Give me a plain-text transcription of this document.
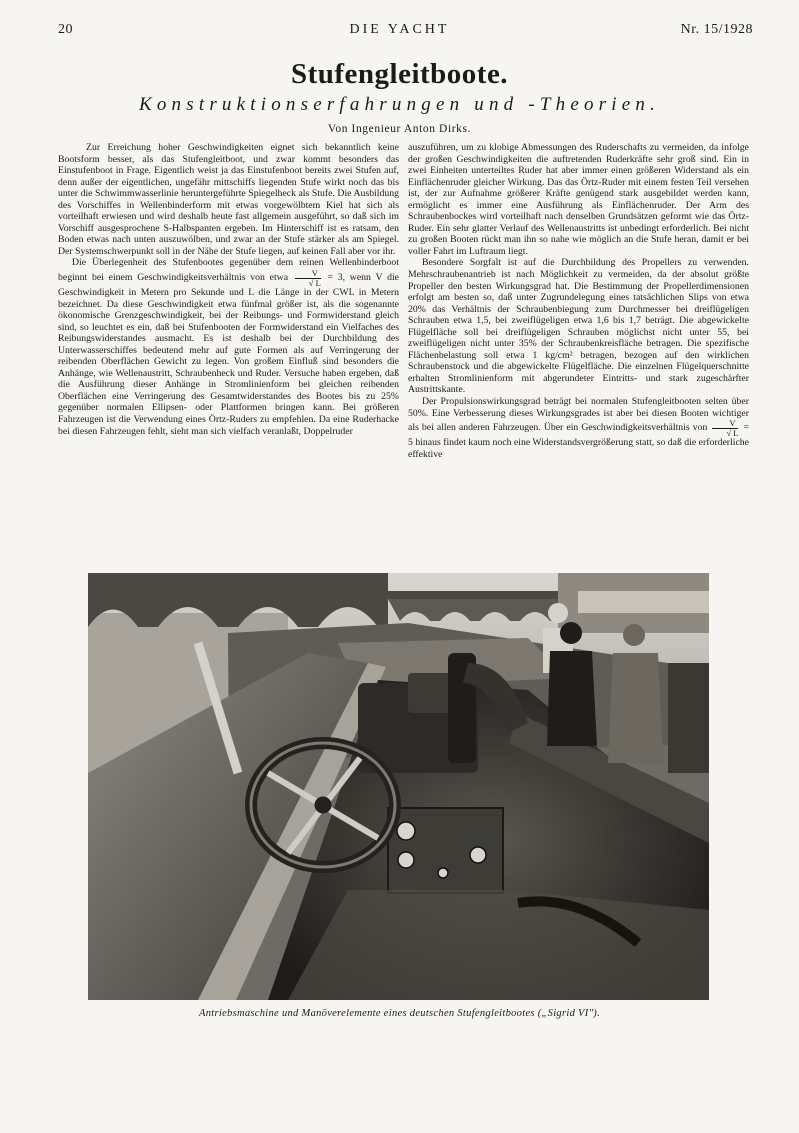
DIE YACHT
20	Nr. 15/1928
Stufengleitboote.
Konstruktionserfahrungen und -Theorien.
Von Ingenieur Anton Dirks.

Zur Erreichung hoher Geschwindigkeiten eignet sich bekanntlich keine Bootsform besser, als das Stufengleitboot, und zwar kommt besonders das Einstufenboot in Frage. Eigentlich weist ja das Einstufenboot bereits zwei Stufen auf, denn außer der eigentlichen, ungefähr mittschiffs liegenden Stufe wirkt noch das bis unter die Schwimmwasserlinie heruntergeführte Spiegelheck als Stufe. Die Ausbildung des Vorschiffes in Wellenbinderform mit etwas vorgewölbtem Kiel hat sich als vorteilhaft erwiesen und wird deshalb heute fast allgemein ausgeführt, so daß sich im Vorschiff ausgesprochene S-Halbspanten ergeben. Im Hinterschiff ist es ratsam, den Boden etwas nach unten auszuwölben, und zwar an der Stufe stärker als am Spiegel. Der Systemschwerpunkt soll in der Nähe der Stufe liegen, auf keinen Fall aber vor ihr.

Die Überlegenheit des Stufenbootes gegenüber dem reinen Wellenbinderboot beginnt bei einem Geschwindigkeitsverhältnis von etwa $\frac{V}{√ L} = 3$, wenn V die Geschwindigkeit in Metern pro Sekunde und L die Länge in der CWL in Metern bezeichnet. Da diese Geschwindigkeit etwa fünfmal größer ist, als die sogenannte ökonomische Grenzgeschwindigkeit, bei der Reibungs- und Formwiderstand gleich sind, so leuchtet es ein, daß bei Stufenbooten der Formwiderstand ein Vielfaches des Reibungswiderstandes ausmacht. Es ist deshalb bei der Durchbildung des Unterwasserschiffes bedeutend mehr auf gute Formen als auf Verringerung der reibenden Oberflächen Gewicht zu legen. Von großem Einfluß sind besonders die Anhänge, wie Wellenaustritt, Schraubenheck und Ruder. Versuche haben ergeben, daß die Ausführung dieser Anhänge in Stromlinienform bei gleichen reibenden Oberflächen eine Verringerung des Gesamtwiderstandes des Bootes bis zu 25% gegenüber normalen Ellipsen- oder Plattformen bringen kann. Bei größeren Fahrzeugen ist die Verwendung eines Örtz-Ruders zu empfehlen. Da eine Ruderhacke bei diesen Fahrzeugen fehlt, sieht man sich vielfach veranlaßt, Doppelruder

auszuführen, um zu klobige Abmessungen des Ruderschafts zu vermeiden, da infolge der großen Geschwindigkeiten die auftretenden Ruderkräfte sehr groß sind. Ein in zwei Einheiten unterteiltes Ruder hat aber immer einen größeren Widerstand als ein Einflächenruder gleicher Wirkung. Das das Örtz-Ruder mit einem festen Teil versehen ist, der zur Aufnahme größerer Kräfte genügend stark ausgebildet werden kann, ermöglicht es immer eine Ausführung als Einflächenruder. Der Arm des Schraubenbockes wird vorteilhaft nach denselben Grundsätzen geformt wie das Örtz-Ruder. Ein sehr glatter Verlauf des Wellenaustritts ist unbedingt erforderlich. Bei nicht zu großen Booten rückt man ihn so nahe wie möglich an die Stufe heran, damit er bei voller Fahrt im Luftraum liegt.

Besondere Sorgfalt ist auf die Durchbildung des Propellers zu verwenden. Mehrschraubenantrieb ist nach Möglichkeit zu vermeiden, da der absolut größte Propeller den besten Wirkungsgrad hat. Die Bestimmung der Propellerdimensionen erfolgt am besten so, daß unter Zugrundelegung eines tatsächlichen Slips von etwa 20% das Verhältnis der Schraubenbiegung zum Durchmesser bei dreiflügeligen Schrauben etwa 1,5, bei zweiflügeligen etwa 1,6 bis 1,7 beträgt. Die abgewickelte Flügelfläche soll bei dreiflügeligen Schrauben möglichst nicht unter 55, bei zweiflügeligen nicht unter 35% der Schraubenkreisfläche betragen. Die spezifische Flächenbelastung soll etwa 1 kg/cm² betragen, bezogen auf den wirklichen Schraubenstock und die abgewickelte Flügelfläche. Die einzelnen Flügelquerschnitte erhalten Stromlinienform mit abgerundeter Eintritts- und stark zugeschärfter Austrittskante.

Der Propulsionswirkungsgrad beträgt bei normalen Stufengleitbooten selten über 50%. Eine Verbesserung dieses Wirkungsgrades ist aber bei diesen Booten wichtiger als bei allen anderen Fahrzeugen. Über ein Geschwindigkeitsverhältnis von $\frac{V}{√ L} = 5$ hinaus findet kaum noch eine Widerstandsvergrößerung statt, so daß die erforderliche effektive

Antriebsmaschine und Manöverelemente eines deutschen Stufengleitbootes („Sigrid VI").
